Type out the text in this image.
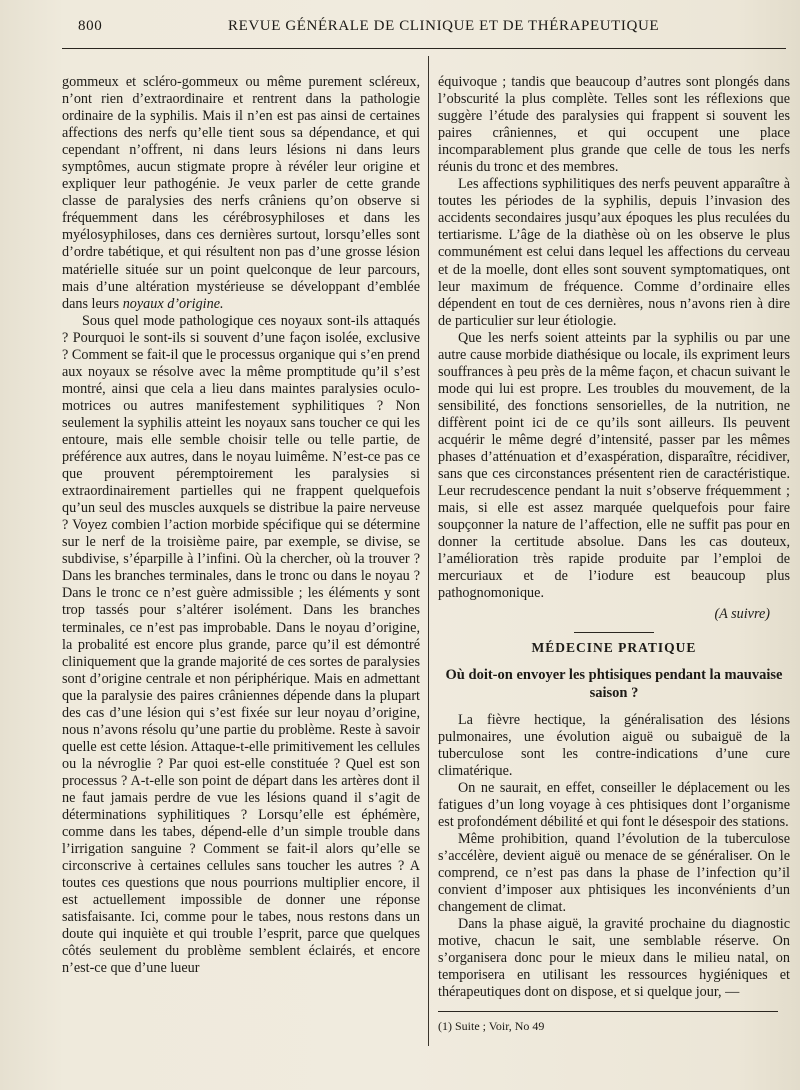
800	REVUE GÉNÉRALE DE CLINIQUE ET DE THÉRAPEUTIQUE

gommeux et scléro-gommeux ou même purement scléreux, n’ont rien d’extraordinaire et rentrent dans la pathologie ordinaire de la syphilis. Mais il n’en est pas ainsi de certaines affections des nerfs qu’elle tient sous sa dépendance, et qui cependant n’offrent, ni dans leurs lésions ni dans leurs symptômes, aucun stigmate propre à révéler leur origine et expliquer leur pathogénie. Je veux parler de cette grande classe de paralysies des nerfs crâniens qu’on observe si fréquemment dans les cérébrosyphiloses et dans les myélosyphiloses, dans ces dernières surtout, lorsqu’elles sont d’ordre tabétique, et qui résultent non pas d’une grosse lésion matérielle située sur un point quelconque de leur parcours, mais d’une altération mystérieuse se développant d’emblée dans leurs noyaux d’origine.

Sous quel mode pathologique ces noyaux sont-ils attaqués ? Pourquoi le sont-ils si souvent d’une façon isolée, exclusive ? Comment se fait-il que le processus organique qui s’en prend aux noyaux se résolve avec la même promptitude qu’il s’est montré, ainsi que cela a lieu dans maintes paralysies oculo-motrices ou autres manifestement syphilitiques ? Non seulement la syphilis atteint les noyaux sans toucher ce qui les entoure, mais elle semble choisir telle ou telle partie, de préférence aux autres, dans le noyau luimême. N’est-ce pas ce que prouvent péremptoirement les paralysies si extraordinairement partielles qui ne frappent quelquefois qu’un seul des muscles auxquels se distribue la paire nerveuse ? Voyez combien l’action morbide spécifique qui se détermine sur le nerf de la troisième paire, par exemple, se divise, se subdivise, s’éparpille à l’infini. Où la chercher, où la trouver ? Dans les branches terminales, dans le tronc ou dans le noyau ? Dans le tronc ce n’est guère admissible ; les éléments y sont trop tassés pour s’altérer isolément. Dans les branches terminales, ce n’est pas improbable. Dans le noyau d’origine, la probalité est encore plus grande, parce qu’il est démontré cliniquement que la grande majorité de ces sortes de paralysies sont d’origine centrale et non périphérique. Mais en admettant que la paralysie des paires crâniennes dépende dans la plupart des cas d’une lésion qui s’est fixée sur leur noyau d’origine, nous n’avons résolu qu’une partie du problème. Reste à savoir quelle est cette lésion. Attaque-t-elle primitivement les cellules ou la névroglie ? Par quoi est-elle constituée ? Quel est son processus ? A-t-elle son point de départ dans les artères dont il ne faut jamais perdre de vue les lésions quand il s’agit de déterminations syphilitiques ? Lorsqu’elle est éphémère, comme dans les tabes, dépend-elle d’un simple trouble dans l’irrigation sanguine ? Comment se fait-il alors qu’elle se circonscrive à certaines cellules sans toucher les autres ? A toutes ces questions que nous pourrions multiplier encore, il est actuellement impossible de donner une réponse satisfaisante. Ici, comme pour le tabes, nous restons dans un doute qui inquiète et qui trouble l’esprit, parce que quelques côtés seulement du problème semblent éclairés, et encore n’est-ce que d’une lueur

équivoque ; tandis que beaucoup d’autres sont plongés dans l’obscurité la plus complète. Telles sont les réflexions que suggère l’étude des paralysies qui frappent si souvent les paires crâniennes, et qui occupent une place incomparablement plus grande que celle de tous les nerfs réunis du tronc et des membres.

Les affections syphilitiques des nerfs peuvent apparaître à toutes les périodes de la syphilis, depuis l’invasion des accidents secondaires jusqu’aux époques les plus reculées du tertiarisme. L’âge de la diathèse où on les observe le plus communément est celui dans lequel les affections du cerveau et de la moelle, dont elles sont souvent symptomatiques, ont leur maximum de fréquence. Comme d’ordinaire elles dépendent en tout de ces dernières, nous n’avons rien à dire de particulier sur leur étiologie.

Que les nerfs soient atteints par la syphilis ou par une autre cause morbide diathésique ou locale, ils expriment leurs souffrances à peu près de la même façon, et chacun suivant le mode qui lui est propre. Les troubles du mouvement, de la sensibilité, des fonctions sensorielles, de la nutrition, ne diffèrent point ici de ce qu’ils sont ailleurs. Ils peuvent acquérir le même degré d’intensité, passer par les mêmes phases d’atténuation et d’exaspération, disparaître, récidiver, sans que ces circonstances présentent rien de caractéristique. Leur recrudescence pendant la nuit s’observe fréquemment ; mais, si elle est assez marquée quelquefois pour faire soupçonner la nature de l’affection, elle ne suffit pas pour en donner la certitude absolue. Dans les cas douteux, l’amélioration très rapide produite par l’emploi de mercuriaux et de l’iodure est beaucoup plus pathognomonique.

(A suivre)

MÉDECINE PRATIQUE

Où doit-on envoyer les phtisiques pendant la mauvaise saison ?

La fièvre hectique, la généralisation des lésions pulmonaires, une évolution aiguë ou subaiguë de la tuberculose sont les contre-indications d’une cure climatérique.

On ne saurait, en effet, conseiller le déplacement ou les fatigues d’un long voyage à ces phtisiques dont l’organisme est profondément débilité et qui font le désespoir des stations.

Même prohibition, quand l’évolution de la tuberculose s’accélère, devient aiguë ou menace de se généraliser. On le comprend, ce n’est pas dans la phase de l’infection qu’il convient d’imposer aux phtisiques les inconvénients d’un changement de climat.

Dans la phase aiguë, la gravité prochaine du diagnostic motive, chacun le sait, une semblable réserve. On s’organisera donc pour le mieux dans le milieu natal, on temporisera en utilisant les ressources hygiéniques et thérapeutiques dont on dispose, et si quelque jour, —

(1) Suite ; Voir, No 49
